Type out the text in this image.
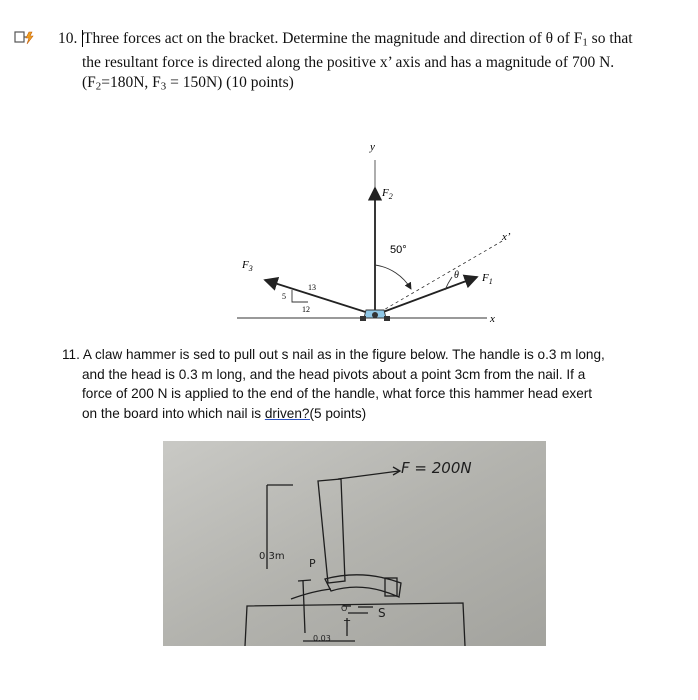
10. Three forces act on the bracket. Determine the magnitude and direction of θ of $F_1$ so that
the resultant force is directed along the positive x’ axis and has a magnitude of 700 N.
($F_2=180N$, $F_3 = 150N$) (10 points)
y
x
x’
$F_2$
$F_1$
$F_3$
50°
θ
13
5
12
11. A claw hammer is sed to pull out s nail as in the figure below. The handle is o.3 m long,
and the head is 0.3 m long, and the head pivots about a point 3cm from the nail. If a
force of 200 N is applied to the end of the handle, what force this hammer head exert
on the board into which nail is driven?(5 points)
F = 200N
0.3m
P
S
O
T
0.03
